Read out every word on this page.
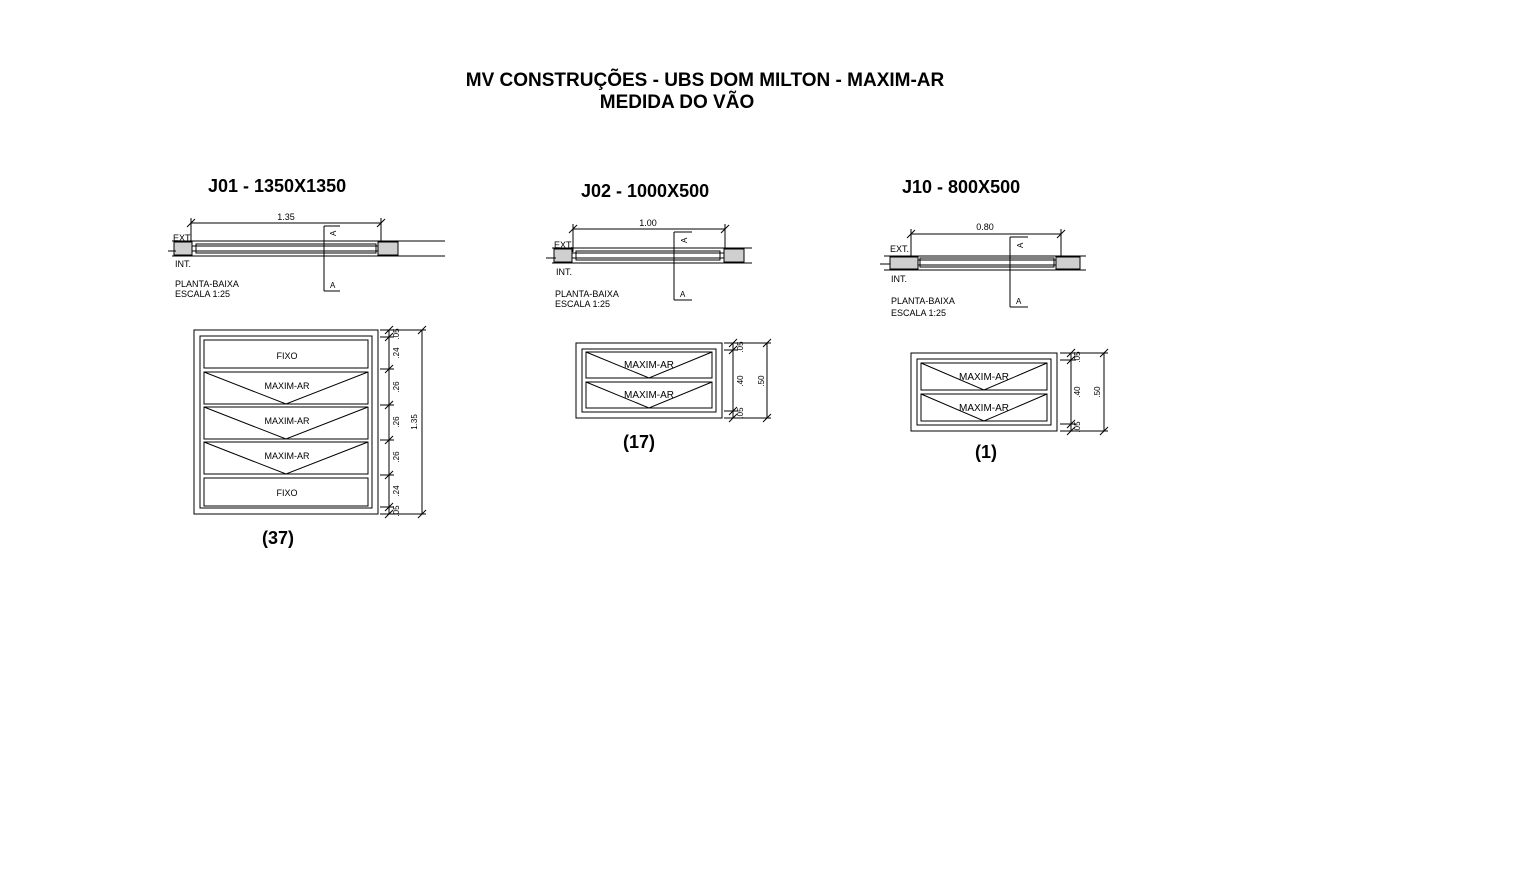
MV CONSTRUÇÕES - UBS DOM MILTON - MAXIM-AR
MEDIDA DO VÃO
J01 - 1350X1350	J02 - 1000X500	J10 - 800X500
(37)
(17)	(1)
1.35
EXT.
INT.
PLANTA-BAIXA
ESCALA 1:25
A
A
FIXO
MAXIM-AR
MAXIM-AR
MAXIM-AR
FIXO
.05
.24
.26
.26
.26
.24
.05
1.35
1.00
EXT.
INT.
PLANTA-BAIXA
ESCALA 1:25
A
A
MAXIM-AR
MAXIM-AR
.05
.40
.05
.50
0.80
EXT.
INT.
PLANTA-BAIXA
ESCALA 1:25
A
A
MAXIM-AR
MAXIM-AR
.05
.40
.05
.50
